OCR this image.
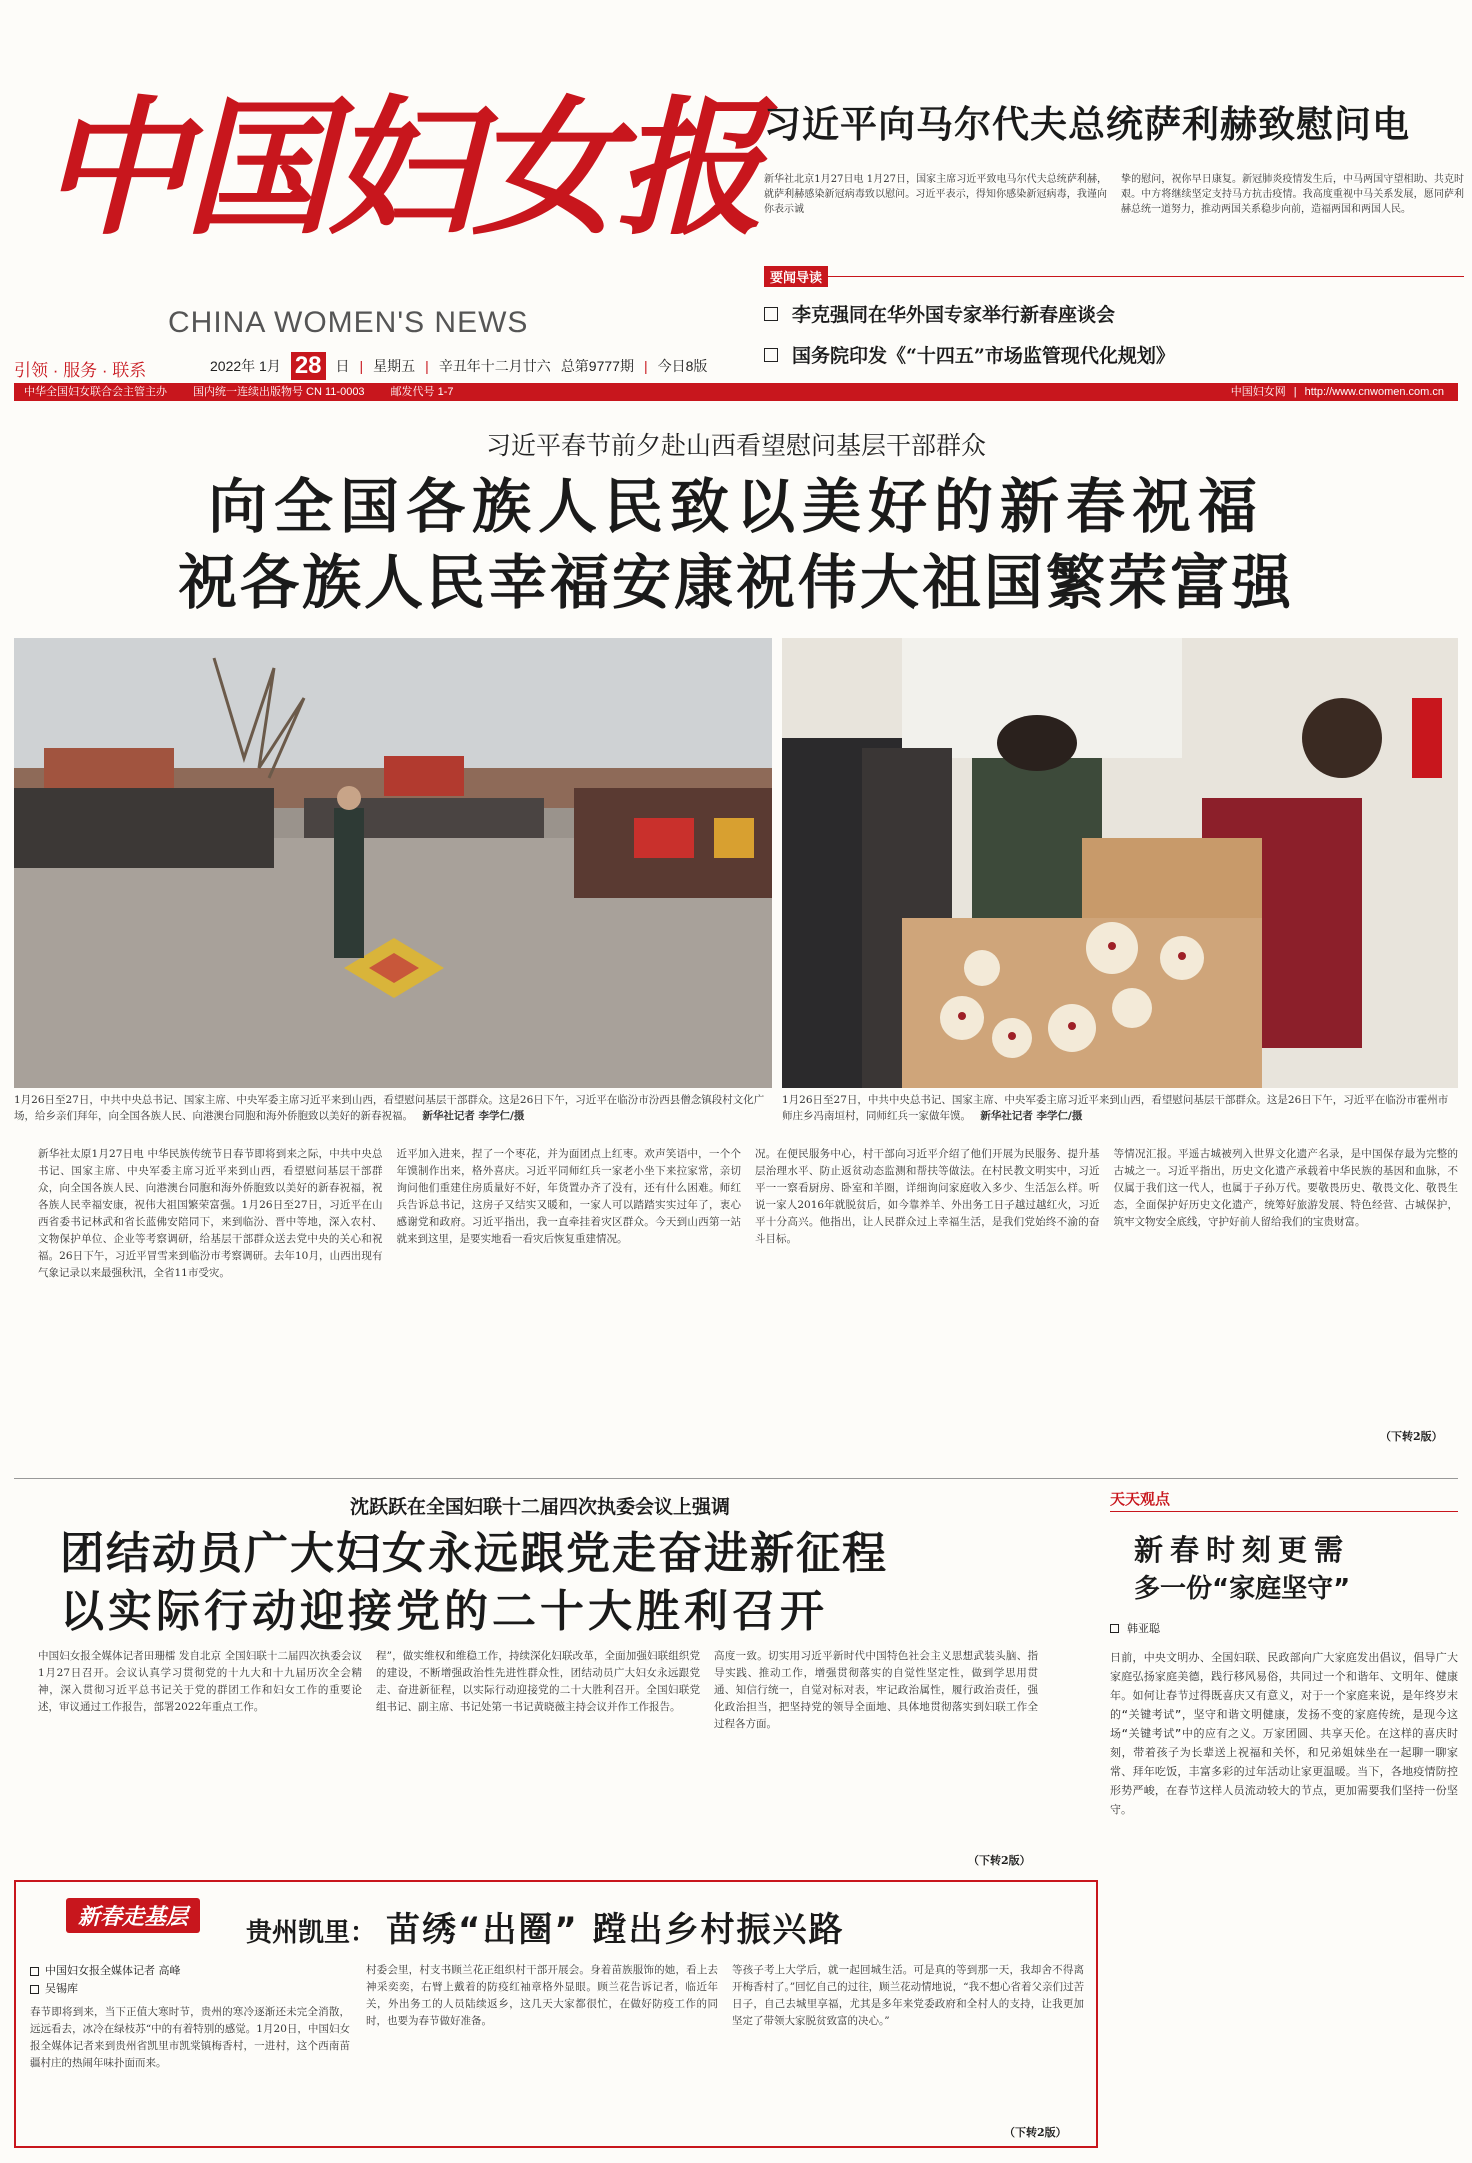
中国妇女报
CHINA WOMEN'S NEWS
引领 · 服务 · 联系	2022年 1月 28 日 | 星期五 | 辛丑年十二月廿六 总第9777期 | 今日8版
中华全国妇女联合会主管主办 国内统一连续出版物号 CN 11-0003 邮发代号 1-7	中国妇女网 | http://www.cnwomen.com.cn
习近平向马尔代夫总统萨利赫致慰问电
新华社北京1月27日电 1月27日，国家主席习近平致电马尔代夫总统萨利赫，就萨利赫感染新冠病毒致以慰问。习近平表示，得知你感染新冠病毒，我谨向你表示诚
挚的慰问，祝你早日康复。新冠肺炎疫情发生后，中马两国守望相助、共克时艰。中方将继续坚定支持马方抗击疫情。我高度重视中马关系发展，愿同萨利赫总统一道努力，推动两国关系稳步向前，造福两国和两国人民。
要闻导读
李克强同在华外国专家举行新春座谈会
国务院印发《“十四五”市场监管现代化规划》
习近平春节前夕赴山西看望慰问基层干部群众
向全国各族人民致以美好的新春祝福
祝各族人民幸福安康祝伟大祖国繁荣富强
1月26日至27日，中共中央总书记、国家主席、中央军委主席习近平来到山西，看望慰问基层干部群众。这是26日下午，习近平在临汾市汾西县僧念镇段村文化广场，给乡亲们拜年，向全国各族人民、向港澳台同胞和海外侨胞致以美好的新春祝福。 新华社记者 李学仁/摄
1月26日至27日，中共中央总书记、国家主席、中央军委主席习近平来到山西，看望慰问基层干部群众。这是26日下午，习近平在临汾市霍州市师庄乡冯南垣村，同师红兵一家做年馍。 新华社记者 李学仁/摄
新华社太原1月27日电 中华民族传统节日春节即将到来之际，中共中央总书记、国家主席、中央军委主席习近平来到山西，看望慰问基层干部群众，向全国各族人民、向港澳台同胞和海外侨胞致以美好的新春祝福，祝各族人民幸福安康，祝伟大祖国繁荣富强。1月26日至27日，习近平在山西省委书记林武和省长蓝佛安陪同下，来到临汾、晋中等地，深入农村、文物保护单位、企业等考察调研，给基层干部群众送去党中央的关心和祝福。26日下午，习近平冒雪来到临汾市考察调研。去年10月，山西出现有气象记录以来最强秋汛，全省11市受灾。
近平加入进来，捏了一个枣花，并为面团点上红枣。欢声笑语中，一个个年馍制作出来，格外喜庆。习近平同师红兵一家老小坐下来拉家常，亲切询问他们重建住房质量好不好，年货置办齐了没有，还有什么困难。师红兵告诉总书记，这房子又结实又暖和，一家人可以踏踏实实过年了，衷心感谢党和政府。习近平指出，我一直牵挂着灾区群众。今天到山西第一站就来到这里，是要实地看一看灾后恢复重建情况。
况。在便民服务中心，村干部向习近平介绍了他们开展为民服务、提升基层治理水平、防止返贫动态监测和帮扶等做法。在村民教文明实中，习近平一一察看厨房、卧室和羊圈，详细询问家庭收入多少、生活怎么样。听说一家人2016年就脱贫后，如今靠养羊、外出务工日子越过越红火，习近平十分高兴。他指出，让人民群众过上幸福生活，是我们党始终不渝的奋斗目标。
等情况汇报。平遥古城被列入世界文化遗产名录，是中国保存最为完整的古城之一。习近平指出，历史文化遗产承载着中华民族的基因和血脉，不仅属于我们这一代人，也属于子孙万代。要敬畏历史、敬畏文化、敬畏生态，全面保护好历史文化遗产，统筹好旅游发展、特色经营、古城保护，筑牢文物安全底线，守护好前人留给我们的宝贵财富。
（下转2版）
沈跃跃在全国妇联十二届四次执委会议上强调
团结动员广大妇女永远跟党走奋进新征程
以实际行动迎接党的二十大胜利召开
中国妇女报全媒体记者田珊檑 发自北京 全国妇联十二届四次执委会议1月27日召开。会议认真学习贯彻党的十九大和十九届历次全会精神，深入贯彻习近平总书记关于党的群团工作和妇女工作的重要论述，审议通过工作报告，部署2022年重点工作。
程”，做实维权和维稳工作，持续深化妇联改革，全面加强妇联组织党的建设，不断增强政治性先进性群众性，团结动员广大妇女永远跟党走、奋进新征程，以实际行动迎接党的二十大胜利召开。全国妇联党组书记、副主席、书记处第一书记黄晓薇主持会议并作工作报告。
高度一致。切实用习近平新时代中国特色社会主义思想武装头脑、指导实践、推动工作，增强贯彻落实的自觉性坚定性，做到学思用贯通、知信行统一，自觉对标对表，牢记政治属性，履行政治责任，强化政治担当，把坚持党的领导全面地、具体地贯彻落实到妇联工作全过程各方面。
（下转2版）
天天观点
新春时刻更需
多一份“家庭坚守”
韩亚聪
日前，中央文明办、全国妇联、民政部向广大家庭发出倡议，倡导广大家庭弘扬家庭美德，践行移风易俗，共同过一个和谐年、文明年、健康年。如何让春节过得既喜庆又有意义，对于一个家庭来说，是年终岁末的“关键考试”，坚守和谐文明健康，发扬不变的家庭传统，是现今这场“关键考试”中的应有之义。万家团圆、共享天伦。在这样的喜庆时刻，带着孩子为长辈送上祝福和关怀，和兄弟姐妹坐在一起聊一聊家常、拜年吃饭，丰富多彩的过年活动让家更温暖。当下，各地疫情防控形势严峻，在春节这样人员流动较大的节点，更加需要我们坚持一份坚守。
新春走基层
贵州凯里： 苗绣“出圈” 蹚出乡村振兴路
中国妇女报全媒体记者 高峰
吴锡库
春节即将到来，当下正值大寒时节，贵州的寒冷逐渐还未完全消散，远远看去，冰冷在绿枝苏“中的有着特别的感觉。1月20日，中国妇女报全媒体记者来到贵州省凯里市凯棠镇梅香村，一进村，这个西南苗疆村庄的热闹年味扑面而来。
村委会里，村支书顾兰花正组织村干部开展会。身着苗族服饰的她，看上去神采奕奕，右臂上戴着的防疫红袖章格外显眼。顾兰花告诉记者，临近年关，外出务工的人员陆续返乡，这几天大家都很忙，在做好防疫工作的同时，也要为春节做好准备。
等孩子考上大学后，就一起回城生活。可是真的等到那一天，我却舍不得离开梅香村了。”回忆自己的过往，顾兰花动情地说，“我不想心省着父亲们过苦日子，自己去城里享福，尤其是多年来党委政府和全村人的支持，让我更加坚定了带领大家脱贫致富的决心。”
（下转2版）
